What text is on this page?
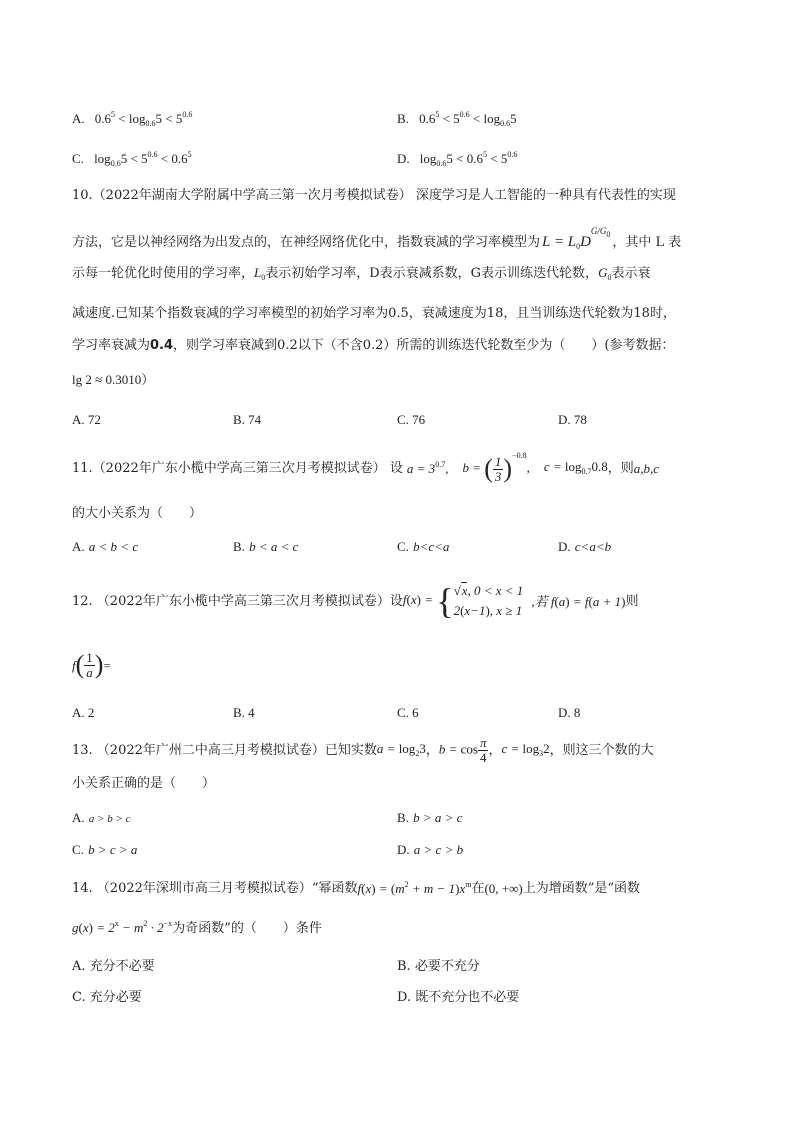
A. $0.6^5 < \log_{0.6}5 < 5^{0.6}$	B. $0.6^5 < 5^{0.6} < \log_{0.6}5$
C. $\log_{0.6}5 < 5^{0.6} < 0.6^5$	D. $\log_{0.6}5 < 0.6^5 < 5^{0.6}$
10.（2022年湖南大学附属中学高三第一次月考模拟试卷） 深度学习是人工智能的一种具有代表性的实现
方法，它是以神经网络为出发点的，在神经网络优化中，指数衰减的学习率模型为 $L = L_0D^{G/G_0}$，其中 L 表
示每一轮优化时使用的学习率，$L_0$表示初始学习率，D表示衰减系数，G表示训练迭代轮数，$G_0$表示衰
减速度.已知某个指数衰减的学习率模型的初始学习率为0.5，衰减速度为18，且当训练迭代轮数为18时，
学习率衰减为0.4，则学习率衰减到0.2以下（不含0.2）所需的训练迭代轮数至少为（　　）(参考数据：
lg 2 ≈ 0.3010）
A. 72	B. 74	C. 76	D. 78
11.（2022年广东小榄中学高三第三次月考模拟试卷） 设 $a = 3^{0.7}$, b = ( $\frac{1}{3} )^{-0.8}$, $c = \log_{0.7}0.8$ ，则 a,b,c
的大小关系为（　　）
A. a < b < c	B. b < a < c	C. b<c<a	D. c<a<b
12. （2022年广东小榄中学高三第三次月考模拟试卷）设 f(x) = { √x, 0 < x < 1
2(x−1), x ≥ 1
,若 f(a) = f(a + 1) 则
f ( $\frac{1}{a}$ ) =
A. 2	B. 4	C. 6	D. 8
13. （2022年广州二中高三月考模拟试卷）已知实数 $a = \log_23$ ， $b = \cos \frac{\pi}{4}$ ， $c = \log_32$ ，则这三个数的大
小关系正确的是（　　）
A. a > b > c	B. b > a > c
C. b > c > a	D. a > c > b
14. （2022年深圳市高三月考模拟试卷）“幂函数 $f(x) = (m^2 + m - 1)x^m$ 在 (0, +∞) 上为增函数”是“函数
$g(x) = 2^x - m^2 \cdot 2^{-x}$为奇函数”的（　　）条件
A. 充分不必要	B. 必要不充分
C. 充分必要	D. 既不充分也不必要
